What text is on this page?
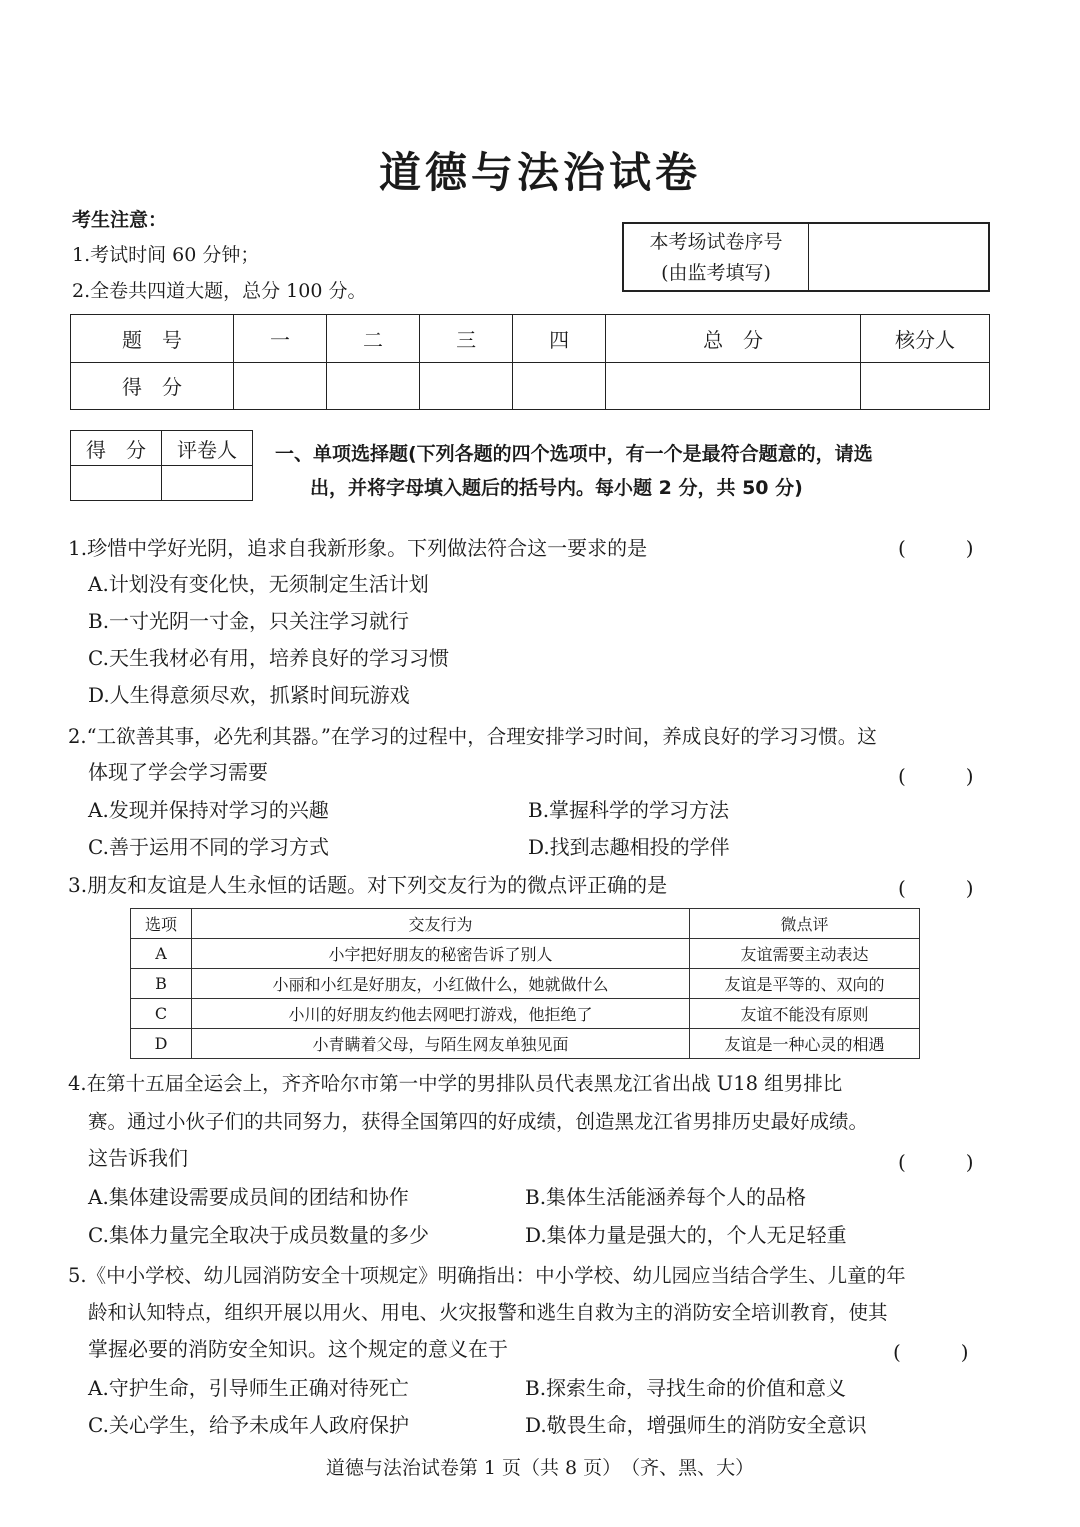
道德与法治试卷
考生注意：
1.考试时间 60 分钟；
2.全卷共四道大题，总分 100 分。
本考场试卷序号
(由监考填写)
题　号	一	二	三	四	总　分	核分人
得　分						
得　分	评卷人
	一、单项选择题(下列各题的四个选项中，有一个是最符合题意的，请选
出，并将字母填入题后的括号内。每小题 2 分，共 50 分)
1.珍惜中学好光阴，追求自我新形象。下列做法符合这一要求的是	(　　　)
A.计划没有变化快，无须制定生活计划
B.一寸光阴一寸金，只关注学习就行
C.天生我材必有用，培养良好的学习习惯
D.人生得意须尽欢，抓紧时间玩游戏
2.“工欲善其事，必先利其器。”在学习的过程中，合理安排学习时间，养成良好的学习习惯。这
体现了学会学习需要	(　　　)
A.发现并保持对学习的兴趣	B.掌握科学的学习方法
C.善于运用不同的学习方式	D.找到志趣相投的学伴
3.朋友和友谊是人生永恒的话题。对下列交友行为的微点评正确的是	(　　　)
选项	交友行为	微点评
A	小宇把好朋友的秘密告诉了别人	友谊需要主动表达
B	小丽和小红是好朋友，小红做什么，她就做什么	友谊是平等的、双向的
C	小川的好朋友约他去网吧打游戏，他拒绝了	友谊不能没有原则
D	小青瞒着父母，与陌生网友单独见面	友谊是一种心灵的相遇
4.在第十五届全运会上，齐齐哈尔市第一中学的男排队员代表黑龙江省出战 U18 组男排比
赛。通过小伙子们的共同努力，获得全国第四的好成绩，创造黑龙江省男排历史最好成绩。
这告诉我们	(　　　)
A.集体建设需要成员间的团结和协作	B.集体生活能涵养每个人的品格
C.集体力量完全取决于成员数量的多少	D.集体力量是强大的，个人无足轻重
5.《中小学校、幼儿园消防安全十项规定》明确指出：中小学校、幼儿园应当结合学生、儿童的年
龄和认知特点，组织开展以用火、用电、火灾报警和逃生自救为主的消防安全培训教育，使其
掌握必要的消防安全知识。这个规定的意义在于	(　　　)
A.守护生命，引导师生正确对待死亡	B.探索生命，寻找生命的价值和意义
C.关心学生，给予未成年人政府保护	D.敬畏生命，增强师生的消防安全意识
道德与法治试卷第 1 页（共 8 页）　（齐、黑、大）
